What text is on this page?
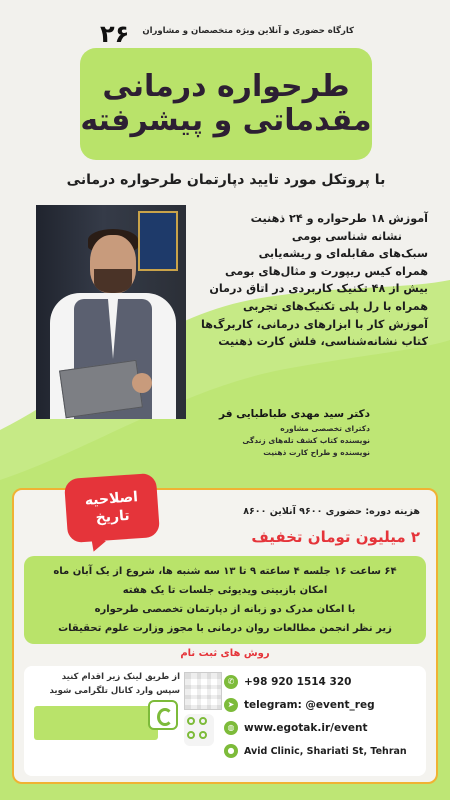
۲۶ کارگاه حضوری و آنلاین ویژه متخصصان و مشاوران
طرحواره درمانی
مقدماتی و پیشرفته
با پروتکل مورد تایید دپارتمان طرحواره درمانی
آموزش ۱۸ طرحواره و ۲۴ ذهنیت
نشانه شناسی بومی
سبک‌های مقابله‌ای و ریشه‌یابی
همراه کیس ریپورت و مثال‌های بومی
بیش از ۴۸ تکنیک کاربردی در اتاق درمان
همراه با رل پلی تکنیک‌های تجربی
آموزش کار با ابزارهای درمانی، کاربرگ‌ها
کتاب نشانه‌شناسی، فلش کارت ذهنیت
دکتر سید مهدی طباطبایی فر
دکترای تخصصی مشاوره
نویسنده کتاب کشف تله‌های زندگی
نویسنده و طراح کارت ذهنیت
اصلاحیه
تاریخ	هزینه دوره: حضوری ۹۶۰۰ آنلاین ۸۶۰۰
۲ میلیون تومان تخفیف
۶۴ ساعت ۱۶ جلسه ۴ ساعته ۹ تا ۱۳ سه شنبه ها، شروع از یک آبان ماه
امکان بازبینی ویدیوئی جلسات تا یک هفته
با امکان مدرک دو زبانه از دپارتمان تخصصی طرحواره
زیر نظر انجمن مطالعات روان درمانی با مجوز وزارت علوم تحقیقات
روش های ثبت نام
✆ +98 920 1514 320
➤ telegram: @event_reg
◍ www.egotak.ir/event
●	Avid Clinic, Shariati St, Tehran
از طریق لینک زیر اقدام کنید
سپس وارد کانال تلگرامی شوید
